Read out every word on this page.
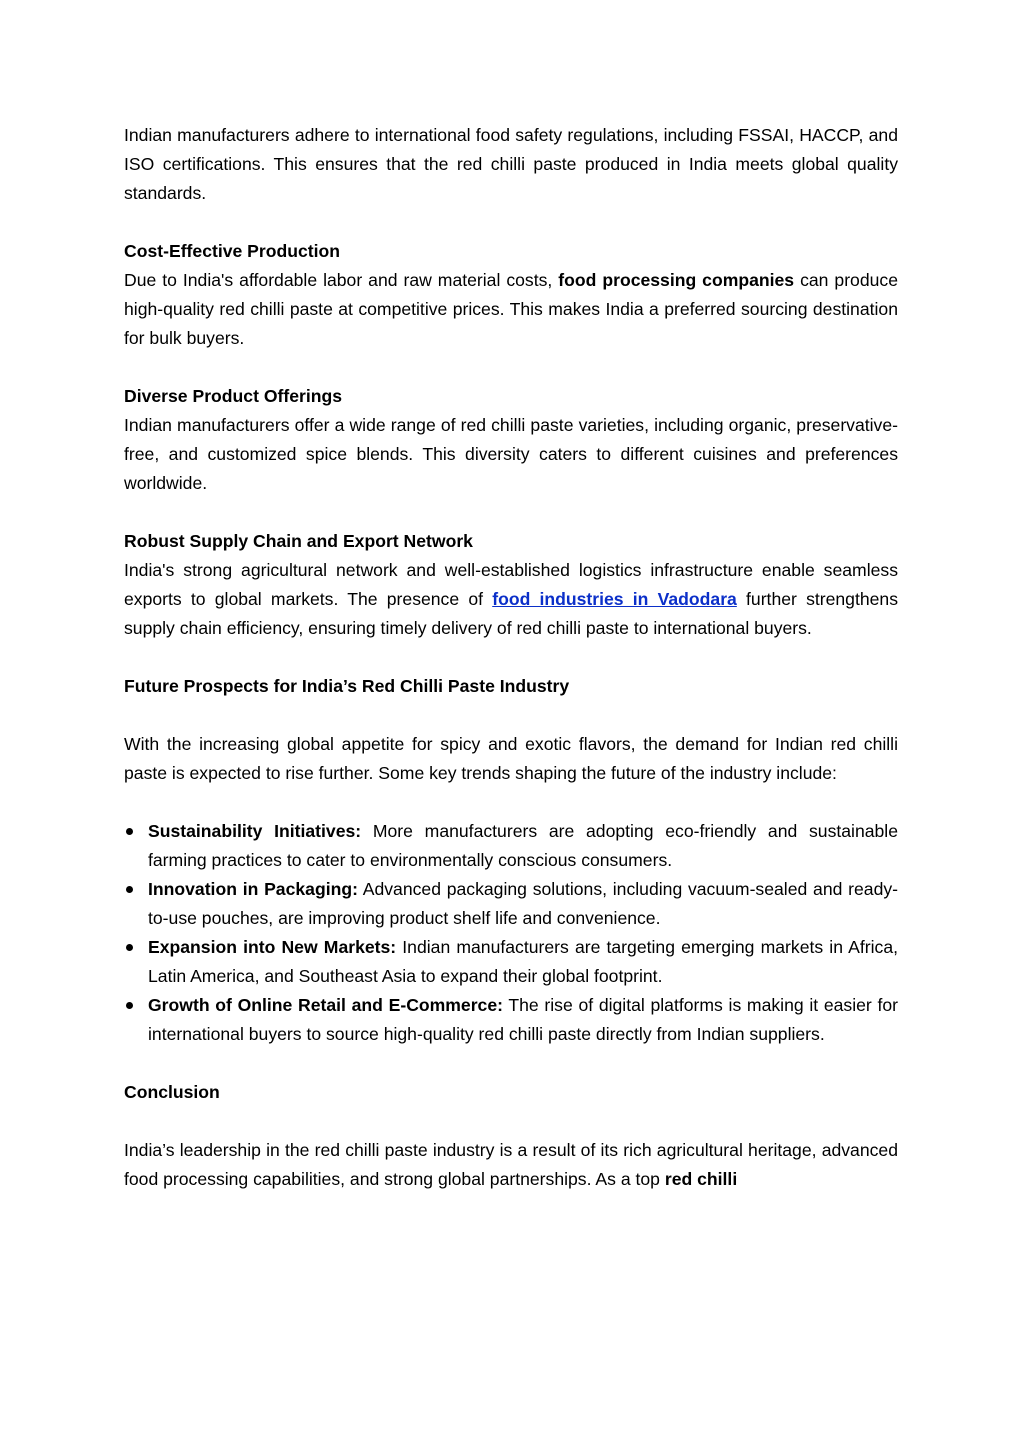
Indian manufacturers adhere to international food safety regulations, including FSSAI, HACCP, and ISO certifications. This ensures that the red chilli paste produced in India meets global quality standards.

Cost-Effective Production

Due to India's affordable labor and raw material costs, food processing companies can produce high-quality red chilli paste at competitive prices. This makes India a preferred sourcing destination for bulk buyers.

Diverse Product Offerings

Indian manufacturers offer a wide range of red chilli paste varieties, including organic, preservative-free, and customized spice blends. This diversity caters to different cuisines and preferences worldwide.

Robust Supply Chain and Export Network

India's strong agricultural network and well-established logistics infrastructure enable seamless exports to global markets. The presence of food industries in Vadodara further strengthens supply chain efficiency, ensuring timely delivery of red chilli paste to international buyers.

Future Prospects for India’s Red Chilli Paste Industry

With the increasing global appetite for spicy and exotic flavors, the demand for Indian red chilli paste is expected to rise further. Some key trends shaping the future of the industry include:

Sustainability Initiatives: More manufacturers are adopting eco-friendly and sustainable farming practices to cater to environmentally conscious consumers.
Innovation in Packaging: Advanced packaging solutions, including vacuum-sealed and ready-to-use pouches, are improving product shelf life and convenience.
Expansion into New Markets: Indian manufacturers are targeting emerging markets in Africa, Latin America, and Southeast Asia to expand their global footprint.
Growth of Online Retail and E-Commerce: The rise of digital platforms is making it easier for international buyers to source high-quality red chilli paste directly from Indian suppliers.

Conclusion

India’s leadership in the red chilli paste industry is a result of its rich agricultural heritage, advanced food processing capabilities, and strong global partnerships. As a top red chilli
